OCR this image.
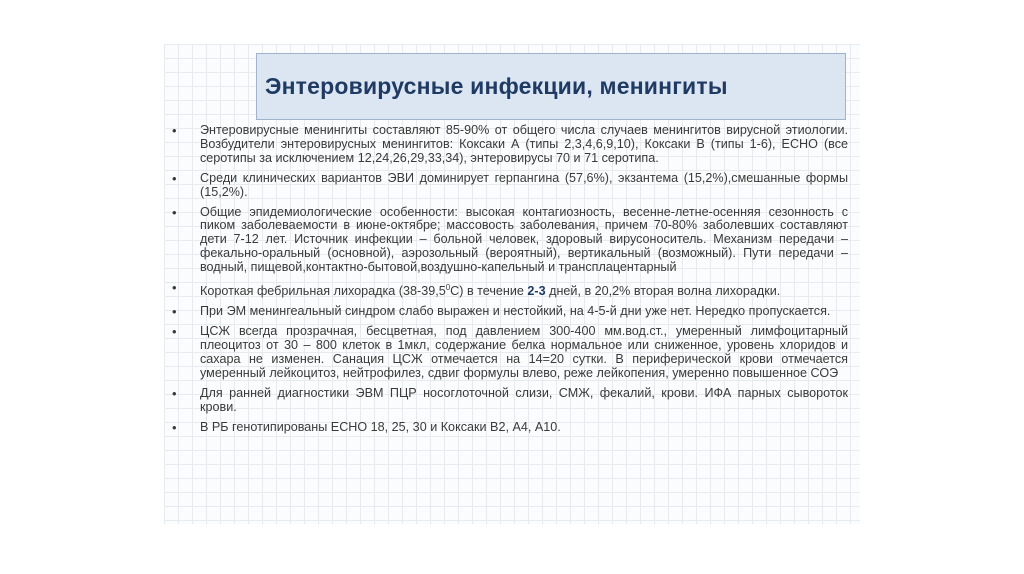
Энтеровирусные инфекции, менингиты
• Энтеровирусные менингиты составляют 85-90% от общего числа случаев менингитов вирусной этиологии. Возбудители энтеровирусных менингитов: Коксаки А (типы 2,3,4,6,9,10), Коксаки В (типы 1-6), ЕСНО (все серотипы за исключением 12,24,26,29,33,34), энтеровирусы 70 и 71 серотипа.
• Среди клинических вариантов ЭВИ доминирует герпангина (57,6%), экзантема (15,2%),смешанные формы (15,2%).
• Общие эпидемиологические особенности: высокая контагиозность, весенне-летне-осенняя сезонность с пиком заболеваемости в июне-октябре; массовость заболевания, причем 70-80% заболевших составляют дети 7-12 лет. Источник инфекции – больной человек, здоровый вирусоноситель. Механизм передачи – фекально-оральный (основной), аэрозольный (вероятный), вертикальный (возможный). Пути передачи – водный, пищевой,контактно-бытовой,воздушно-капельный и трансплацентарный
• Короткая фебрильная лихорадка (38-39,5$^0$С) в течение 2-3 дней, в 20,2% вторая волна лихорадки.
• При ЭМ менингеальный синдром слабо выражен и нестойкий, на 4-5-й дни уже нет. Нередко пропускается.
• ЦСЖ всегда прозрачная, бесцветная, под давлением 300-400 мм.вод.ст., умеренный лимфоцитарный плеоцитоз от 30 – 800 клеток в 1мкл, содержание белка нормальное или сниженное, уровень хлоридов и сахара не изменен. Санация ЦСЖ отмечается на 14=20 сутки. В периферической крови отмечается умеренный лейкоцитоз, нейтрофилез, сдвиг формулы влево, реже лейкопения, умеренно повышенное СОЭ
• Для ранней диагностики ЭВМ ПЦР носоглоточной слизи, СМЖ, фекалий, крови. ИФА парных сывороток крови.
• В РБ генотипированы ЕСНО 18, 25, 30 и Коксаки В2, А4, А10.
